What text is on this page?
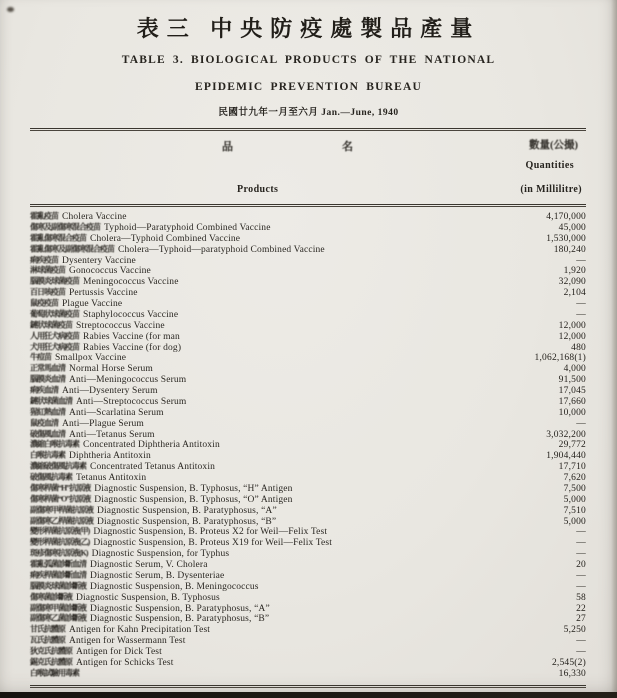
表三 中央防疫處製品產量
TABLE 3. BIOLOGICAL PRODUCTS OF THE NATIONAL
EPIDEMIC PREVENTION BUREAU
民國廿九年一月至六月 Jan.—June, 1940
品	名	數量(公撮)
Quantities
Products	(in Millilitre)
霍亂疫苗 Cholera Vaccine	4,170,000
傷寒及副傷寒混合疫苗 Typhoid—Paratyphoid Combined Vaccine	45,000
霍亂傷寒混合疫苗 Cholera—Typhoid Combined Vaccine	1,530,000
霍亂傷寒及副傷寒混合疫苗 Cholera—Typhoid—paratyphoid Combined Vaccine	180,240
痢疾疫苗 Dysentery Vaccine	—
淋球菌疫苗 Gonococcus Vaccine	1,920
腦膜炎球菌疫苗 Meningococcus Vaccine	32,090
百日咳疫苗 Pertussis Vaccine	2,104
鼠疫疫苗 Plague Vaccine	—
葡萄狀球菌疫苗 Staphylococcus Vaccine	—
鏈狀球菌疫苗 Streptococcus Vaccine	12,000
人用狂犬病疫苗 Rabies Vaccine (for man	12,000
犬用狂犬病疫苗 Rabies Vaccine (for dog)	480
牛痘苗 Smallpox Vaccine	1,062,168(1)
正常馬血清 Normal Horse Serum	4,000
腦膜炎血清 Anti—Meningococcus Serum	91,500
痢疾血清 Anti—Dysentery Serum	17,045
鏈狀球菌血清 Anti—Streptococcus Serum	17,660
猩紅熱血清 Anti—Scarlatina Serum	10,000
鼠疫血清 Anti—Plague Serum	—
破傷風血清 Anti—Tetanus Serum	3,032,200
濃縮白喉抗毒素 Concentrated Diphtheria Antitoxin	29,772
白喉抗毒素 Diphtheria Antitoxin	1,904,440
濃縮破傷風抗毒素 Concentrated Tetanus Antitoxin	17,710
破傷風抗毒素 Tetanus Antitoxin	7,620
傷寒桿菌“H”抗原液 Diagnostic Suspension, B. Typhosus, “H” Antigen	7,500
傷寒桿菌“O”抗原液 Diagnostic Suspension, B. Typhosus, “O” Antigen	5,000
副傷寒甲桿菌抗原液 Diagnostic Suspension, B. Paratyphosus, “A”	7,510
副傷寒乙桿菌抗原液 Diagnostic Suspension, B. Paratyphosus, “B”	5,000
變形桿菌抗原液(甲) Diagnostic Suspension, B. Proteus X2 for Weil—Felix Test	—
變形桿菌抗原液(乙) Diagnostic Suspension, B. Proteus X19 for Weil—Felix Test	—
斑疹傷寒抗原液(K) Diagnostic Suspension, for Typhus	—
霍亂弧菌診斷血清 Diagnostic Serum, V. Cholera	20
痢疾桿菌診斷血清 Diagnostic Serum, B. Dysenteriae	—
腦膜炎球菌診斷液 Diagnostic Suspension, B. Meningococcus	—
傷寒菌診斷液 Diagnostic Suspension, B. Typhosus	58
副傷寒甲菌診斷液 Diagnostic Suspension, B. Paratyphosus, “A”	22
副傷寒乙菌診斷液 Diagnostic Suspension, B. Paratyphosus, “B”	27
甘氏抗體原 Antigen for Kahn Precipitation Test	5,250
瓦氏抗體原 Antigen for Wassermann Test	—
狄克氏抗體原 Antigen for Dick Test	—
錫克氏抗體原 Antigen for Schicks Test	2,545(2)
白喉試驗用毒素	16,330
